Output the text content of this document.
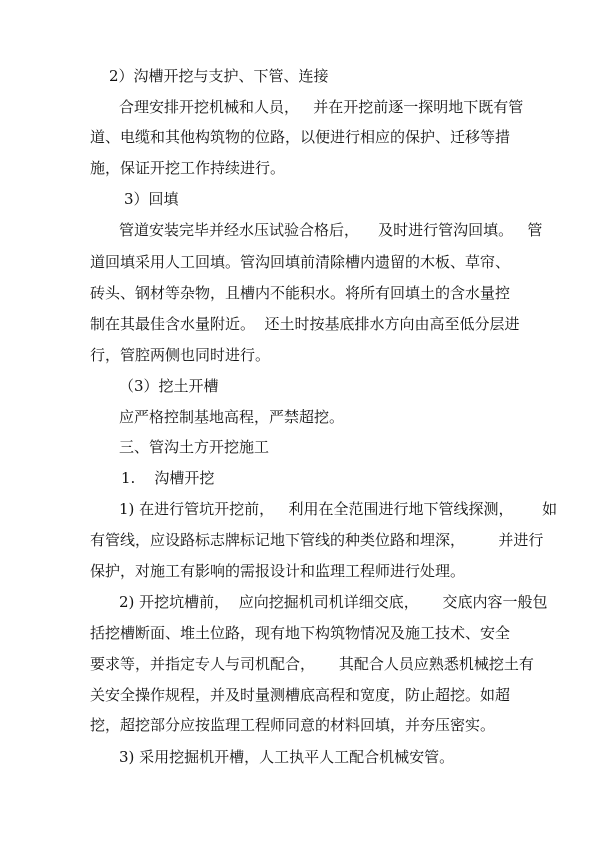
2）沟槽开挖与支护、下管、连接

合理安排开挖机械和人员，   并在开挖前逐一探明地下既有管

道、电缆和其他构筑物的位路，以便进行相应的保护、迁移等措

施，保证开挖工作持续进行。

3）回填

管道安装完毕并经水压试验合格后，    及时进行管沟回填。   管

道回填采用人工回填。管沟回填前清除槽内遗留的木板、草帘、

砖头、钢材等杂物，且槽内不能积水。将所有回填土的含水量控

制在其最佳含水量附近。  还土时按基底排水方向由高至低分层进

行，管腔两侧也同时进行。

（3）挖土开槽

应严格控制基地高程，严禁超挖。

三、管沟土方开挖施工

1.    沟槽开挖

1) 在进行管坑开挖前，   利用在全范围进行地下管线探测，      如

有管线，应设路标志牌标记地下管线的种类位路和埋深，       并进行

保护，对施工有影响的需报设计和监理工程师进行处理。

2) 开挖坑槽前，  应向挖掘机司机详细交底，     交底内容一般包

括挖槽断面、堆土位路，现有地下构筑物情况及施工技术、安全

要求等，并指定专人与司机配合，     其配合人员应熟悉机械挖土有

关安全操作规程，并及时量测槽底高程和宽度，防止超挖。如超

挖，超挖部分应按监理工程师同意的材料回填，并夯压密实。

3) 采用挖掘机开槽，人工执平人工配合机械安管。
